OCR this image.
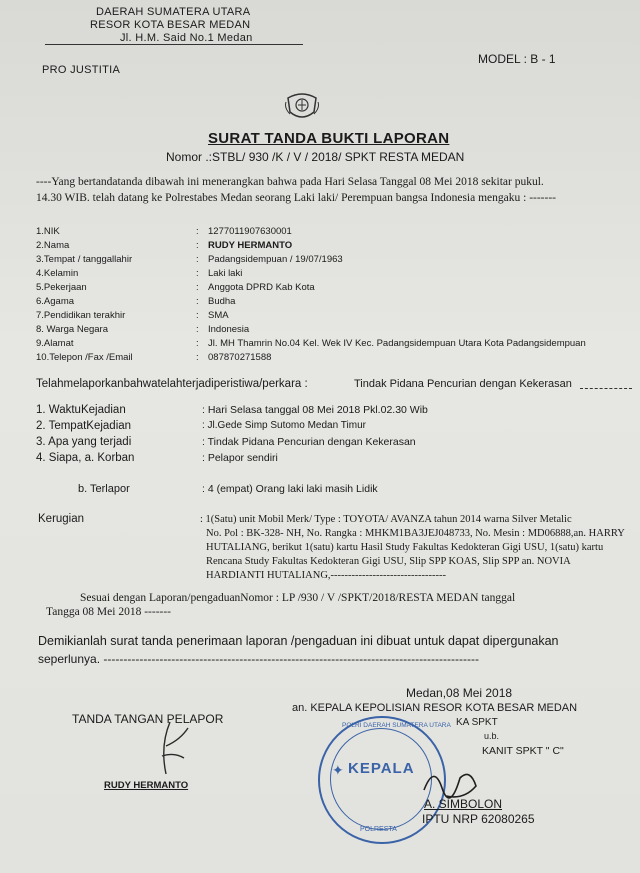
DAERAH SUMATERA UTARA
RESOR KOTA BESAR MEDAN
Jl. H.M. Said No.1 Medan
PRO JUSTITIA
MODEL : B - 1
SURAT TANDA BUKTI LAPORAN
Nomor .:STBL/ 930 /K / V / 2018/ SPKT RESTA MEDAN
----Yang bertandatanda dibawah ini menerangkan bahwa pada Hari Selasa Tanggal 08 Mei 2018 sekitar pukul.
14.30 WIB. telah datang ke Polrestabes Medan seorang Laki laki/ Perempuan bangsa Indonesia mengaku : -------
1.NIK	: 1277011907630001
2.Nama	: RUDY HERMANTO
3.Tempat / tanggallahir	: Padangsidempuan / 19/07/1963
4.Kelamin	: Laki laki
5.Pekerjaan	: Anggota DPRD Kab Kota
6.Agama	: Budha
7.Pendidikan terakhir	: SMA
8. Warga Negara	: Indonesia
9.Alamat	: Jl. MH Thamrin No.04 Kel. Wek IV Kec. Padangsidempuan Utara Kota Padangsidempuan
10.Telepon /Fax /Email	: 087870271588
Telahmelaporkanbahwatelahterjadiperistiwa/perkara :	Tindak Pidana Pencurian dengan Kekerasan
1. WaktuKejadian	: Hari Selasa tanggal 08 Mei 2018 Pkl.02.30 Wib
2. TempatKejadian	: Jl.Gede Simp Sutomo Medan Timur
3. Apa yang terjadi	: Tindak Pidana Pencurian dengan Kekerasan
4. Siapa, a. Korban	: Pelapor sendiri
b. Terlapor	: 4 (empat) Orang laki laki masih Lidik
Kerugian	: 1(Satu) unit Mobil Merk/ Type : TOYOTA/ AVANZA tahun 2014 warna Silver Metalic
No. Pol : BK-328- NH, No. Rangka : MHKM1BA3JEJ048733, No. Mesin : MD06888,an. HARRY
HUTALIANG, berikut 1(satu) kartu Hasil Study Fakultas Kedokteran Gigi USU, 1(satu) kartu
Rencana Study Fakultas Kedokteran Gigi USU, Slip SPP KOAS, Slip SPP an. NOVIA
HARDIANTI HUTALIANG,---------------------------------
Sesuai dengan Laporan/pengaduanNomor : LP /930 / V /SPKT/2018/RESTA MEDAN tanggal
Tangga 08 Mei 2018 -------
Demikianlah surat tanda penerimaan laporan /pengaduan ini dibuat untuk dapat dipergunakan
seperlunya. ----------------------------------------------------------------------------------------------
Medan,08 Mei 2018
an. KEPALA KEPOLISIAN RESOR KOTA BESAR MEDAN
KA SPKT
u.b.
KANIT SPKT " C"
TANDA TANGAN PELAPOR
RUDY HERMANTO
KEPALA
POLRI DAERAH SUMATERA UTARA
POLRESTA
✦
A. SIMBOLON
IPTU NRP 62080265
